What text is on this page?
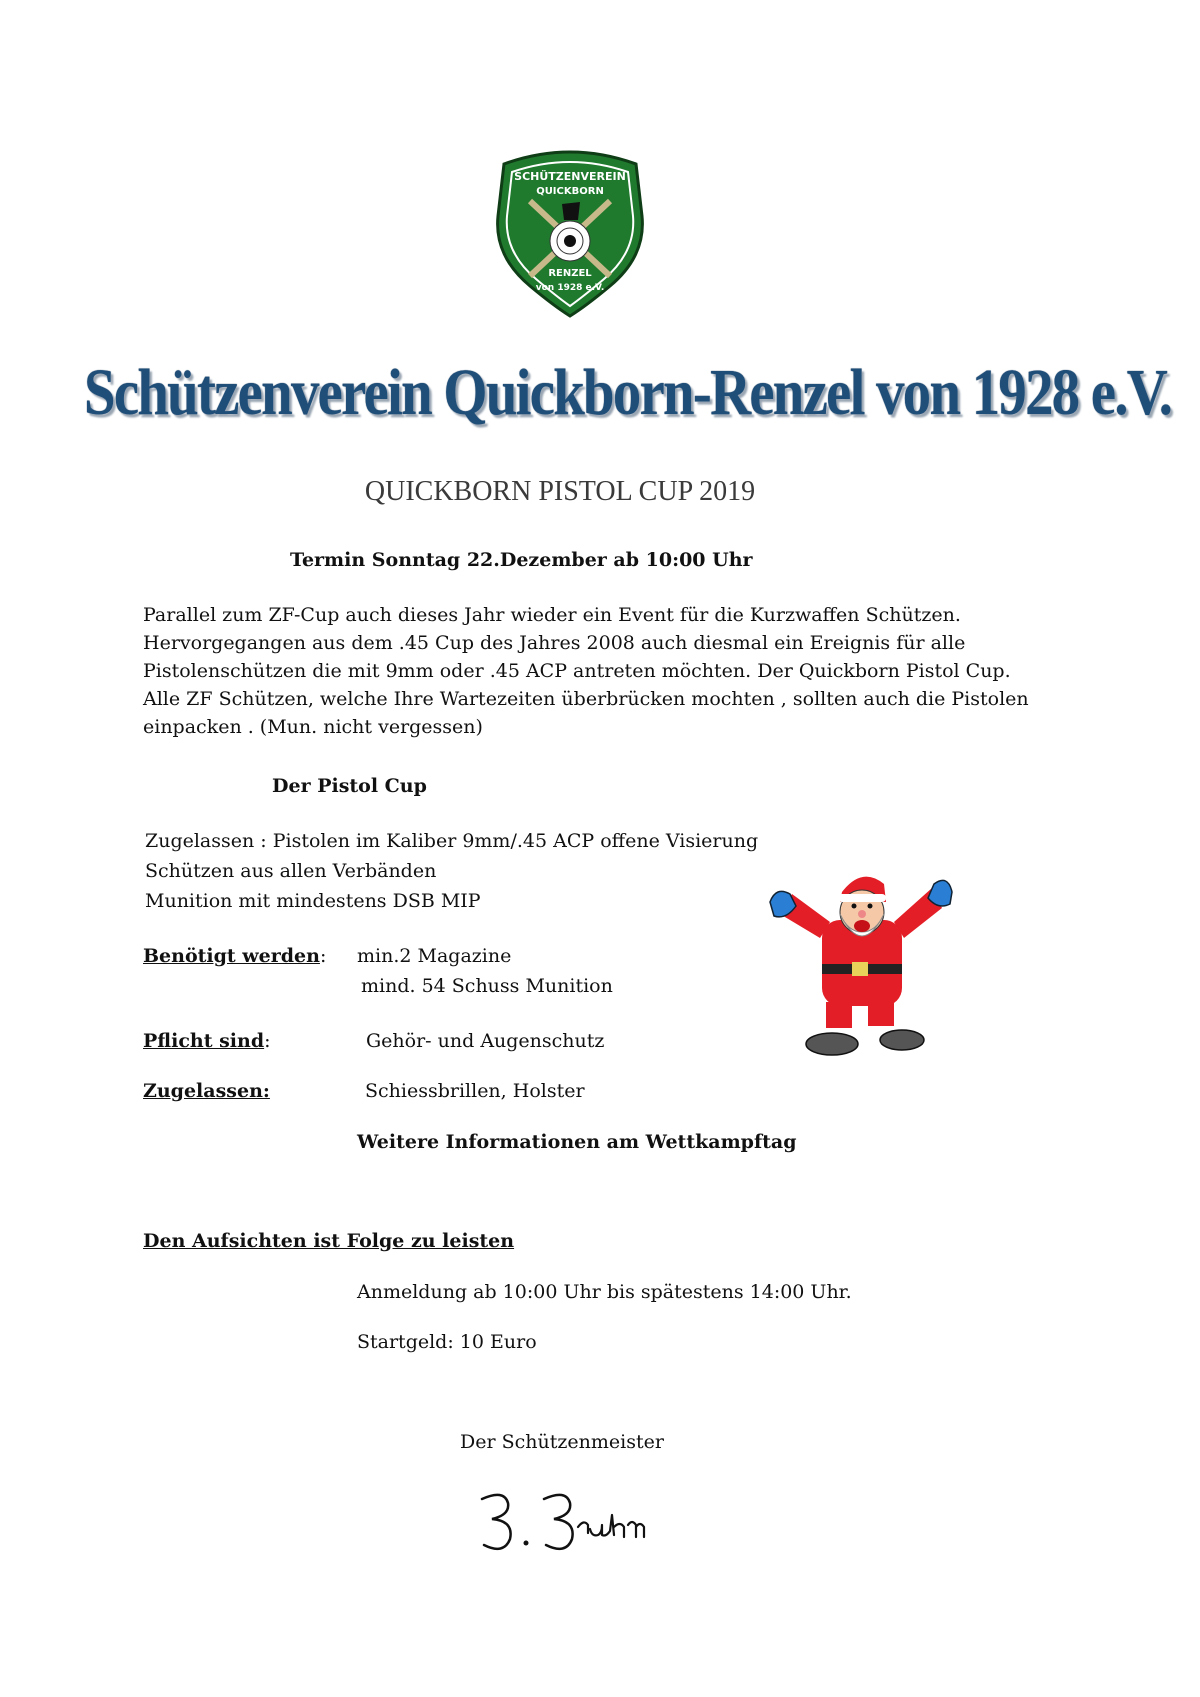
SCHÜTZENVEREIN
QUICKBORN
RENZEL
von 1928 e.V.
Schützenverein Quickborn-Renzel von 1928 e.V.
QUICKBORN PISTOL CUP 2019
Termin Sonntag 22.Dezember ab 10:00 Uhr
Parallel zum ZF-Cup auch dieses Jahr wieder ein Event für die Kurzwaffen Schützen.
Hervorgegangen aus dem .45 Cup des Jahres 2008 auch diesmal ein Ereignis für alle
Pistolenschützen die mit 9mm oder .45 ACP antreten möchten. Der Quickborn Pistol Cup.
Alle ZF Schützen, welche Ihre Wartezeiten überbrücken mochten , sollten auch die Pistolen
einpacken . (Mun. nicht vergessen)
Der Pistol Cup
Zugelassen : Pistolen im Kaliber 9mm/.45 ACP offene Visierung
Schützen aus allen Verbänden
Munition mit mindestens DSB MIP
Benötigt werden: min.2 Magazine
mind. 54 Schuss Munition
Pflicht sind:	Gehör- und Augenschutz
Zugelassen:	Schiessbrillen, Holster
Weitere Informationen am Wettkampftag
Den Aufsichten ist Folge zu leisten
Anmeldung ab 10:00 Uhr bis spätestens 14:00 Uhr.
Startgeld: 10 Euro
Der Schützenmeister
